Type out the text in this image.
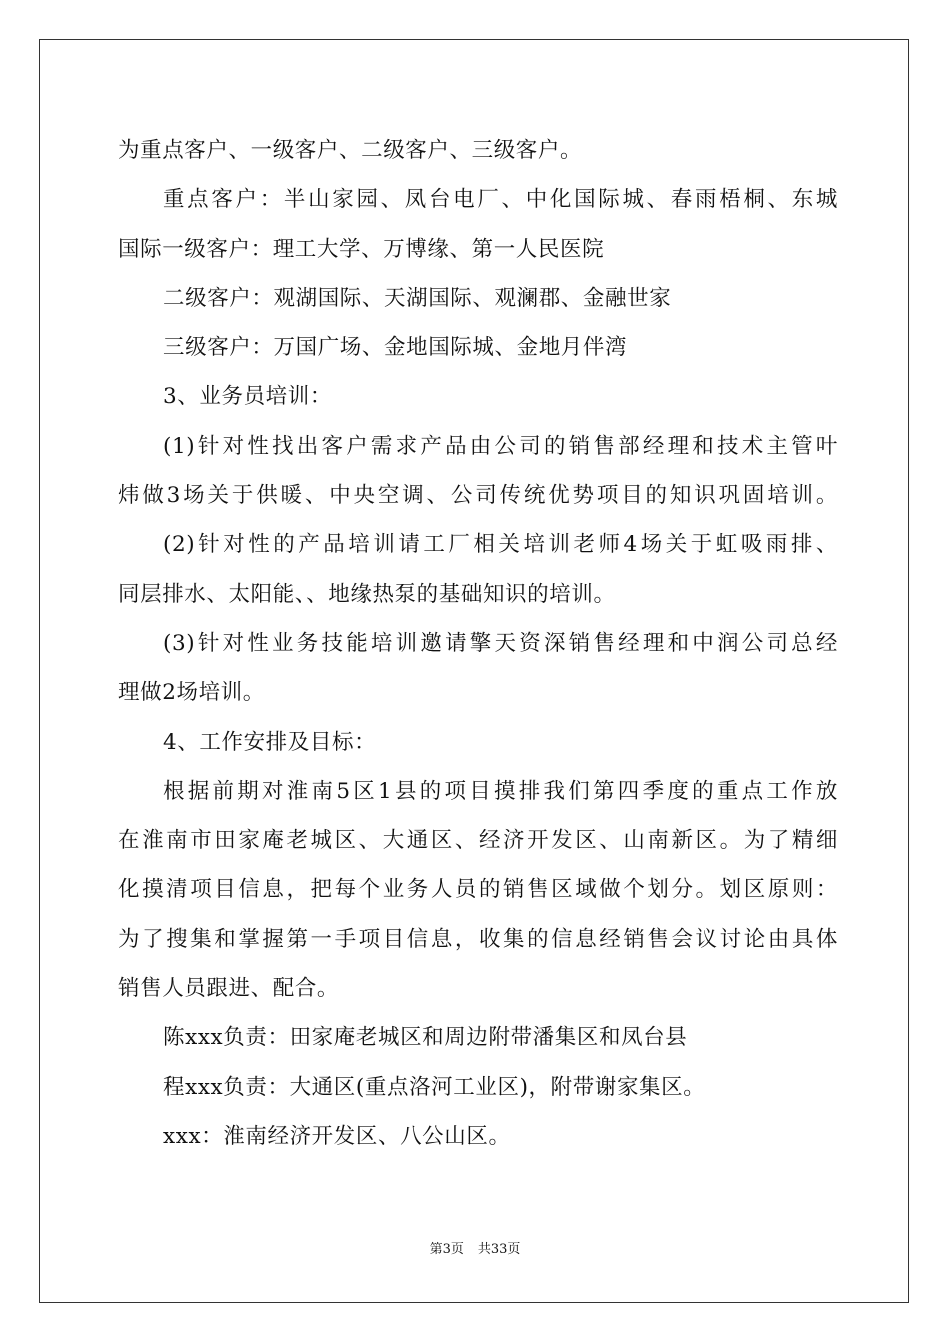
为重点客户、一级客户、二级客户、三级客户。
重点客户：半山家园、凤台电厂、中化国际城、春雨梧桐、东城
国际一级客户：理工大学、万博缘、第一人民医院
二级客户：观湖国际、天湖国际、观澜郡、金融世家
三级客户：万国广场、金地国际城、金地月伴湾
3、业务员培训：
(1)针对性找出客户需求产品由公司的销售部经理和技术主管叶
炜做3场关于供暖、中央空调、公司传统优势项目的知识巩固培训。
(2)针对性的产品培训请工厂相关培训老师4场关于虹吸雨排、
同层排水、太阳能、、地缘热泵的基础知识的培训。
(3)针对性业务技能培训邀请擎天资深销售经理和中润公司总经
理做2场培训。
4、工作安排及目标：
根据前期对淮南5区1县的项目摸排我们第四季度的重点工作放
在淮南市田家庵老城区、大通区、经济开发区、山南新区。为了精细
化摸清项目信息，把每个业务人员的销售区域做个划分。划区原则：
为了搜集和掌握第一手项目信息，收集的信息经销售会议讨论由具体
销售人员跟进、配合。
陈xxx负责：田家庵老城区和周边附带潘集区和凤台县
程xxx负责：大通区(重点洛河工业区)，附带谢家集区。
xxx：淮南经济开发区、八公山区。
第3页 共33页
